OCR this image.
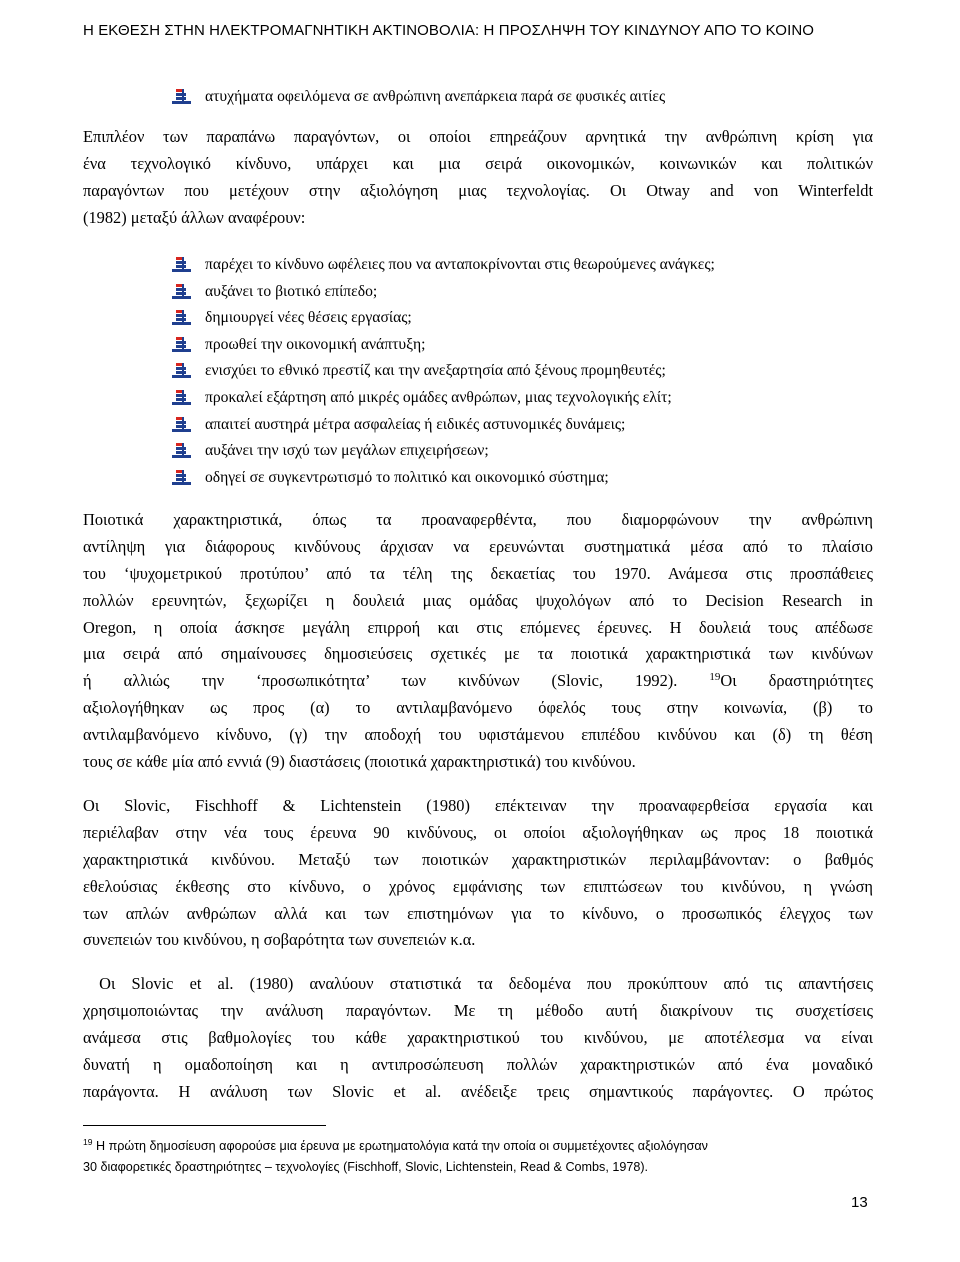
Η ΕΚΘΕΣΗ ΣΤΗΝ ΗΛΕΚΤΡΟΜΑΓΝΗΤΙΚΗ ΑΚΤΙΝΟΒΟΛΙΑ: Η ΠΡΟΣΛΗΨΗ ΤΟΥ ΚΙΝΔΥΝΟΥ ΑΠΟ ΤΟ ΚΟΙΝΟ
ατυχήματα οφειλόμενα σε ανθρώπινη ανεπάρκεια παρά σε φυσικές αιτίες
Επιπλέον των παραπάνω παραγόντων, οι οποίοι επηρεάζουν αρνητικά την ανθρώπινη κρίση για
ένα τεχνολογικό κίνδυνο, υπάρχει και μια σειρά οικονομικών, κοινωνικών και πολιτικών
παραγόντων που μετέχουν στην αξιολόγηση μιας τεχνολογίας. Οι Otway and von Winterfeldt
(1982) μεταξύ άλλων αναφέρουν:
παρέχει το κίνδυνο ωφέλειες που να ανταποκρίνονται στις θεωρούμενες ανάγκες;
αυξάνει το βιοτικό επίπεδο;
δημιουργεί νέες θέσεις εργασίας;
προωθεί την οικονομική ανάπτυξη;
ενισχύει το εθνικό πρεστίζ και την ανεξαρτησία από ξένους προμηθευτές;
προκαλεί εξάρτηση από μικρές ομάδες ανθρώπων, μιας τεχνολογικής ελίτ;
απαιτεί αυστηρά μέτρα ασφαλείας ή ειδικές αστυνομικές δυνάμεις;
αυξάνει την ισχύ των μεγάλων επιχειρήσεων;
οδηγεί σε συγκεντρωτισμό το πολιτικό και οικονομικό σύστημα;
Ποιοτικά χαρακτηριστικά, όπως τα προαναφερθέντα, που διαμορφώνουν την ανθρώπινη
αντίληψη για διάφορους κινδύνους άρχισαν να ερευνώνται συστηματικά μέσα από το πλαίσιο
του ‘ψυχομετρικού προτύπου’ από τα τέλη της δεκαετίας του 1970. Ανάμεσα στις προσπάθειες
πολλών ερευνητών, ξεχωρίζει η δουλειά μιας ομάδας ψυχολόγων από το Decision Research in
Oregon, η οποία άσκησε μεγάλη επιρροή και στις επόμενες έρευνες. Η δουλειά τους απέδωσε
μια σειρά από σημαίνουσες δημοσιεύσεις σχετικές με τα ποιοτικά χαρακτηριστικά των κινδύνων
ή αλλιώς την ‘προσωπικότητα’ των κινδύνων (Slovic, 1992).	$^{19}$Οι δραστηριότητες
αξιολογήθηκαν ως προς (α) το αντιλαμβανόμενο όφελός τους στην κοινωνία, (β) το
αντιλαμβανόμενο κίνδυνο, (γ) την αποδοχή του υφιστάμενου επιπέδου κινδύνου και (δ) τη θέση
τους σε κάθε μία από εννιά (9) διαστάσεις (ποιοτικά χαρακτηριστικά) του κινδύνου.
Οι Slovic, Fischhoff & Lichtenstein (1980) επέκτειναν την προαναφερθείσα εργασία και
περιέλαβαν στην νέα τους έρευνα 90 κινδύνους, οι οποίοι αξιολογήθηκαν ως προς 18 ποιοτικά
χαρακτηριστικά κινδύνου. Μεταξύ των ποιοτικών χαρακτηριστικών περιλαμβάνονταν: ο βαθμός
εθελούσιας έκθεσης στο κίνδυνο, ο χρόνος εμφάνισης των επιπτώσεων του κινδύνου, η γνώση
των απλών ανθρώπων αλλά και των επιστημόνων για το κίνδυνο, ο προσωπικός έλεγχος των
συνεπειών του κινδύνου, η σοβαρότητα των συνεπειών κ.α.
Οι Slovic et al. (1980) αναλύουν στατιστικά τα δεδομένα που προκύπτουν από τις απαντήσεις
χρησιμοποιώντας την ανάλυση παραγόντων. Με τη μέθοδο αυτή διακρίνουν τις συσχετίσεις
ανάμεσα στις βαθμολογίες του κάθε χαρακτηριστικού του κινδύνου, με αποτέλεσμα να είναι
δυνατή η ομαδοποίηση και η αντιπροσώπευση πολλών χαρακτηριστικών από ένα μοναδικό
παράγοντα. Η ανάλυση των Slovic et al. ανέδειξε τρεις σημαντικούς παράγοντες. Ο πρώτος
$^{19}$ Η πρώτη δημοσίευση αφορούσε μια έρευνα με ερωτηματολόγια κατά την οποία οι συμμετέχοντες αξιολόγησαν
30 διαφορετικές δραστηριότητες – τεχνολογίες (Fischhoff, Slovic, Lichtenstein, Read & Combs, 1978).
13
